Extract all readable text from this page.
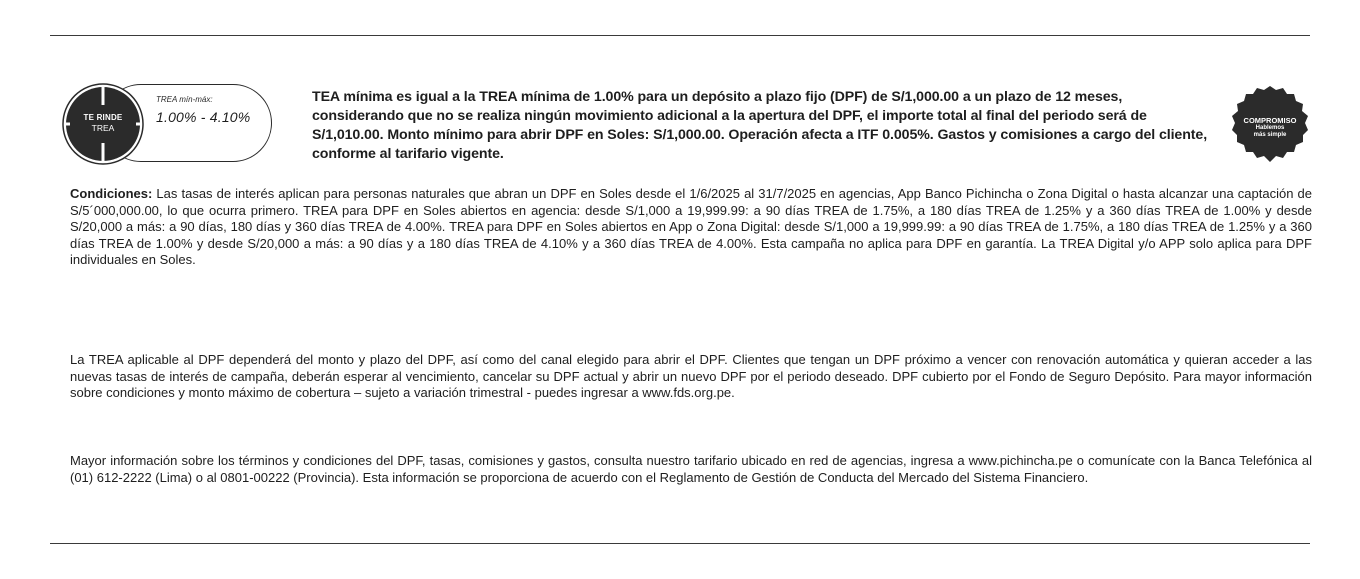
TREA mín-máx:
1.00% - 4.10%
TE RINDE
TREA
TEA mínima es igual a la TREA mínima de 1.00% para un depósito a plazo fijo (DPF) de S/1,000.00 a un plazo de 12 meses, considerando que no se realiza ningún movimiento adicional a la apertura del DPF, el importe total al final del periodo será de S/1,010.00. Monto mínimo para abrir DPF en Soles: S/1,000.00. Operación afecta a ITF 0.005%. Gastos y comisiones a cargo del cliente, conforme al tarifario vigente.
COMPROMISO
Hablemos
más simple
Condiciones: Las tasas de interés aplican para personas naturales que abran un DPF en Soles desde el 1/6/2025 al 31/7/2025 en agencias, App Banco Pichincha o Zona Digital o hasta alcanzar una captación de S/5´000,000.00, lo que ocurra primero. TREA para DPF en Soles abiertos en agencia: desde S/1,000 a 19,999.99: a 90 días TREA de 1.75%, a 180 días TREA de 1.25% y a 360 días TREA de 1.00% y desde S/20,000 a más: a 90 días, 180 días y 360 días TREA de 4.00%. TREA para DPF en Soles abiertos en App o Zona Digital: desde S/1,000 a 19,999.99: a 90 días TREA de 1.75%, a 180 días TREA de 1.25% y a 360 días TREA de 1.00% y desde S/20,000 a más: a 90 días y a 180 días TREA de 4.10% y a 360 días TREA de 4.00%. Esta campaña no aplica para DPF en garantía. La TREA Digital y/o APP solo aplica para DPF individuales en Soles.
La TREA aplicable al DPF dependerá del monto y plazo del DPF, así como del canal elegido para abrir el DPF. Clientes que tengan un DPF próximo a vencer con renovación automática y quieran acceder a las nuevas tasas de interés de campaña, deberán esperar al vencimiento, cancelar su DPF actual y abrir un nuevo DPF por el periodo deseado. DPF cubierto por el Fondo de Seguro Depósito. Para mayor información sobre condiciones y monto máximo de cobertura – sujeto a variación trimestral - puedes ingresar a www.fds.org.pe.
Mayor información sobre los términos y condiciones del DPF, tasas, comisiones y gastos, consulta nuestro tarifario ubicado en red de agencias, ingresa a www.pichincha.pe o comunícate con la Banca Telefónica al (01) 612-2222 (Lima) o al 0801-00222 (Provincia). Esta información se proporciona de acuerdo con el Reglamento de Gestión de Conducta del Mercado del Sistema Financiero.
